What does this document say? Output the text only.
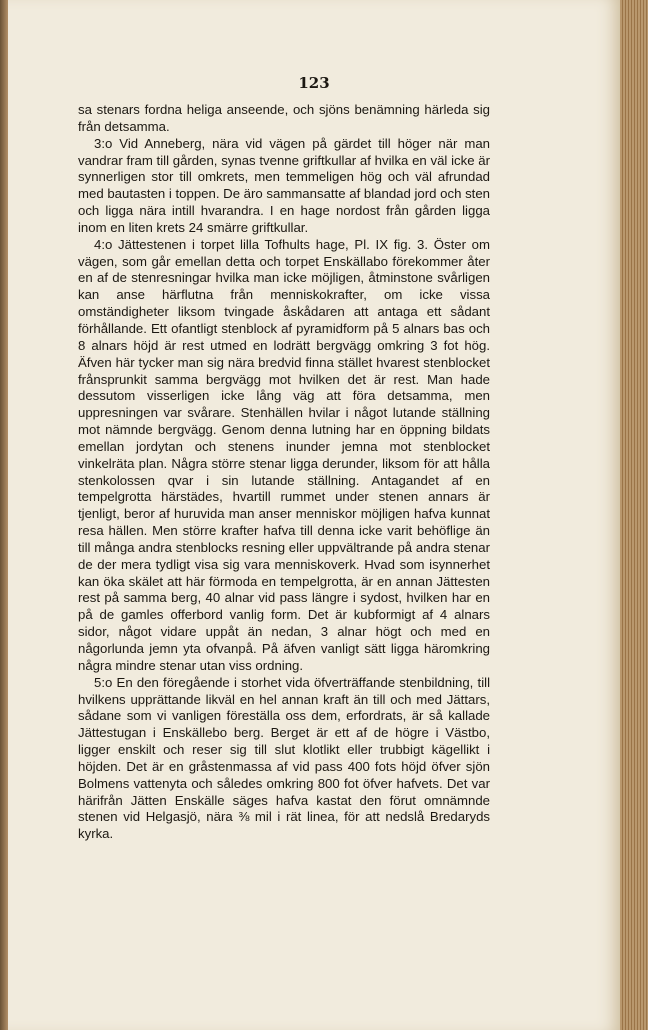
123

sa stenars fordna heliga anseende, och sjöns benämning härleda sig från detsamma.

3:o Vid Anneberg, nära vid vägen på gärdet till höger när man vandrar fram till gården, synas tvenne griftkullar af hvilka en väl icke är synnerligen stor till omkrets, men temmeligen hög och väl afrundad med bautasten i toppen. De äro sammansatte af blandad jord och sten och ligga nära intill hvarandra. I en hage nordost från gården ligga inom en liten krets 24 smärre griftkullar.

4:o Jättestenen i torpet lilla Tofhults hage, Pl. IX fig. 3. Öster om vägen, som går emellan detta och torpet Enskällabo förekommer åter en af de stenresningar hvilka man icke möjligen, åtminstone svårligen kan anse härflutna från menniskokrafter, om icke vissa omständigheter liksom tvingade åskådaren att antaga ett sådant förhållande. Ett ofantligt stenblock af pyramidform på 5 alnars bas och 8 alnars höjd är rest utmed en lodrätt bergvägg omkring 3 fot hög. Äfven här tycker man sig nära bredvid finna stället hvarest stenblocket frånsprunkit samma bergvägg mot hvilken det är rest. Man hade dessutom visserligen icke lång väg att föra detsamma, men uppresningen var svårare. Stenhällen hvilar i något lutande ställning mot nämnde bergvägg. Genom denna lutning har en öppning bildats emellan jordytan och stenens inunder jemna mot stenblocket vinkelräta plan. Några större stenar ligga derunder, liksom för att hålla stenkolossen qvar i sin lutande ställning. Antagandet af en tempelgrotta härstädes, hvartill rummet under stenen annars är tjenligt, beror af huruvida man anser menniskor möjligen hafva kunnat resa hällen. Men större krafter hafva till denna icke varit behöflige än till många andra stenblocks resning eller uppvältrande på andra stenar de der mera tydligt visa sig vara menniskoverk. Hvad som isynnerhet kan öka skälet att här förmoda en tempelgrotta, är en annan Jättesten rest på samma berg, 40 alnar vid pass längre i sydost, hvilken har en på de gamles offerbord vanlig form. Det är kubformigt af 4 alnars sidor, något vidare uppåt än nedan, 3 alnar högt och med en någorlunda jemn yta ofvanpå. På äfven vanligt sätt ligga häromkring några mindre stenar utan viss ordning.

5:o En den föregående i storhet vida öfverträffande stenbildning, till hvilkens upprättande likväl en hel annan kraft än till och med Jättars, sådane som vi vanligen föreställa oss dem, erfordrats, är så kallade Jättestugan i Enskällebo berg. Berget är ett af de högre i Västbo, ligger enskilt och reser sig till slut klotlikt eller trubbigt kägellikt i höjden. Det är en gråstenmassa af vid pass 400 fots höjd öfver sjön Bolmens vattenyta och således omkring 800 fot öfver hafvets. Det var härifrån Jätten Enskälle säges hafva kastat den förut omnämnde stenen vid Helgasjö, nära ⅜ mil i rät linea, för att nedslå Bredaryds kyrka.
